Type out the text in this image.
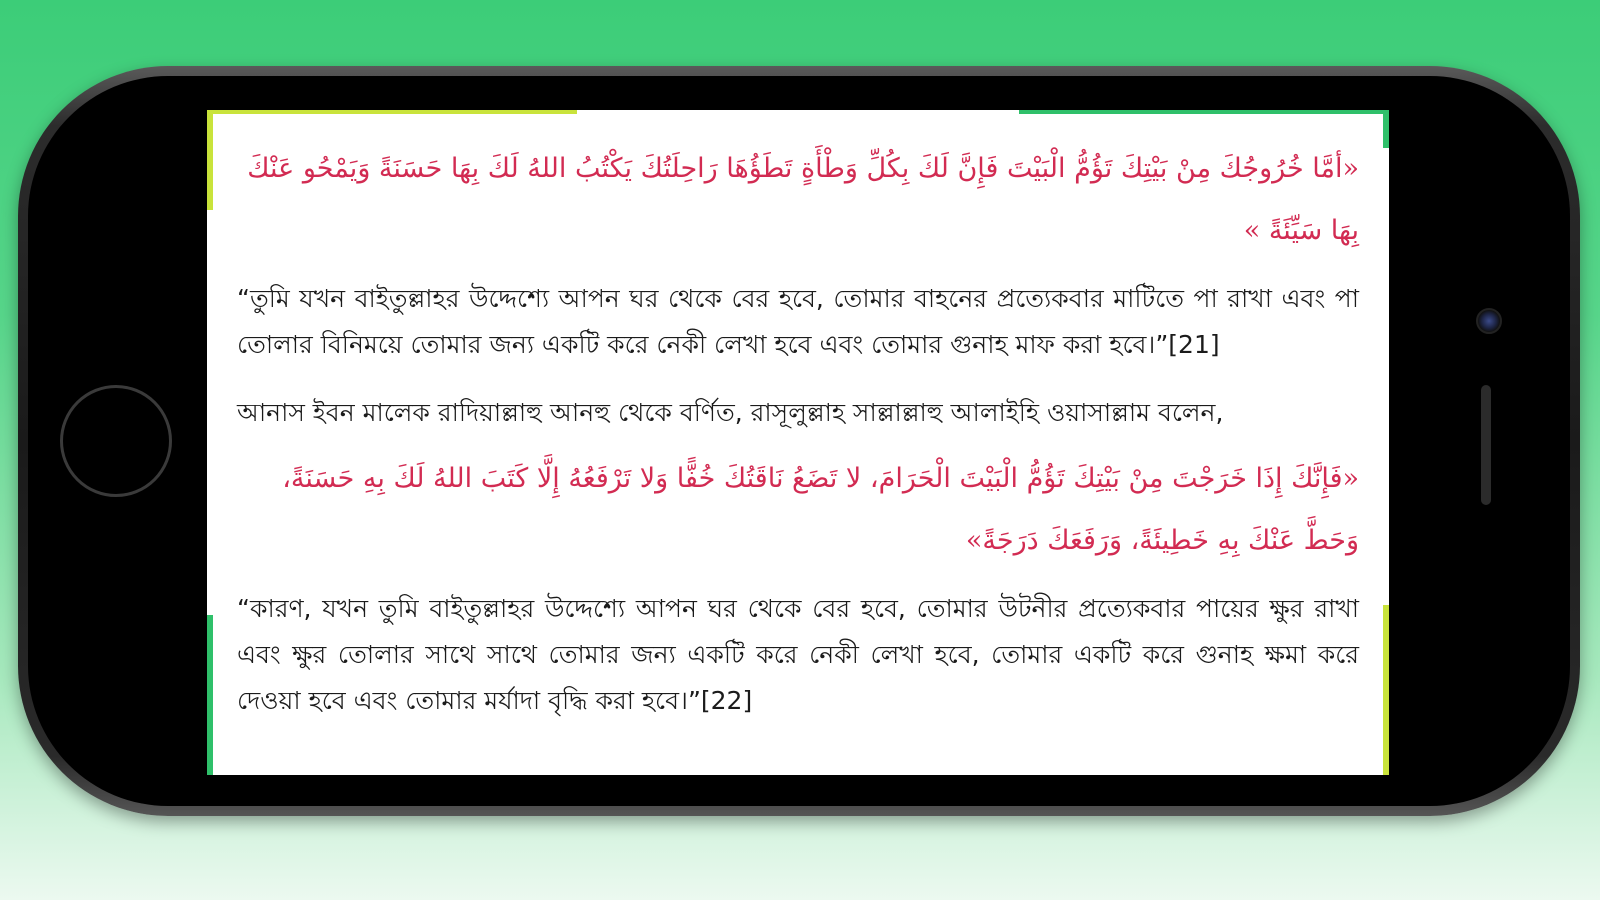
«أمَّا خُرُوجُكَ مِنْ بَيْتِكَ تَؤُمُّ الْبَيْتَ فَإِنَّ لَكَ بِكُلِّ وَطْأَةٍ تَطَؤُهَا رَاحِلَتُكَ يَكْتُبُ اللهُ لَكَ بِهَا حَسَنَةً وَيَمْحُو عَنْكَ بِهَا سَيِّئَةً »

“তুমি যখন বাইতুল্লাহর উদ্দেশ্যে আপন ঘর থেকে বের হবে, তোমার বাহনের প্রত্যেকবার মাটিতে পা রাখা এবং পা তোলার বিনিময়ে তোমার জন্য একটি করে নেকী লেখা হবে এবং তোমার গুনাহ মাফ করা হবে।”[21]

আনাস ইবন মালেক রাদিয়াল্লাহু আনহু থেকে বর্ণিত, রাসূলুল্লাহ সাল্লাল্লাহু আলাইহি ওয়াসাল্লাম বলেন,

«فَإِنَّكَ إِذَا خَرَجْتَ مِنْ بَيْتِكَ تَؤُمُّ الْبَيْتَ الْحَرَامَ، لا تَضَعُ نَاقَتُكَ خُفًّا وَلا تَرْفَعُهُ إِلَّا كَتَبَ اللهُ لَكَ بِهِ حَسَنَةً، وَحَطَّ عَنْكَ بِهِ خَطِيئَةً، وَرَفَعَكَ دَرَجَةً»

“কারণ, যখন তুমি বাইতুল্লাহর উদ্দেশ্যে আপন ঘর থেকে বের হবে, তোমার উটনীর প্রত্যেকবার পায়ের ক্ষুর রাখা এবং ক্ষুর তোলার সাথে সাথে তোমার জন্য একটি করে নেকী লেখা হবে, তোমার একটি করে গুনাহ ক্ষমা করে দেওয়া হবে এবং তোমার মর্যাদা বৃদ্ধি করা হবে।”[22]
